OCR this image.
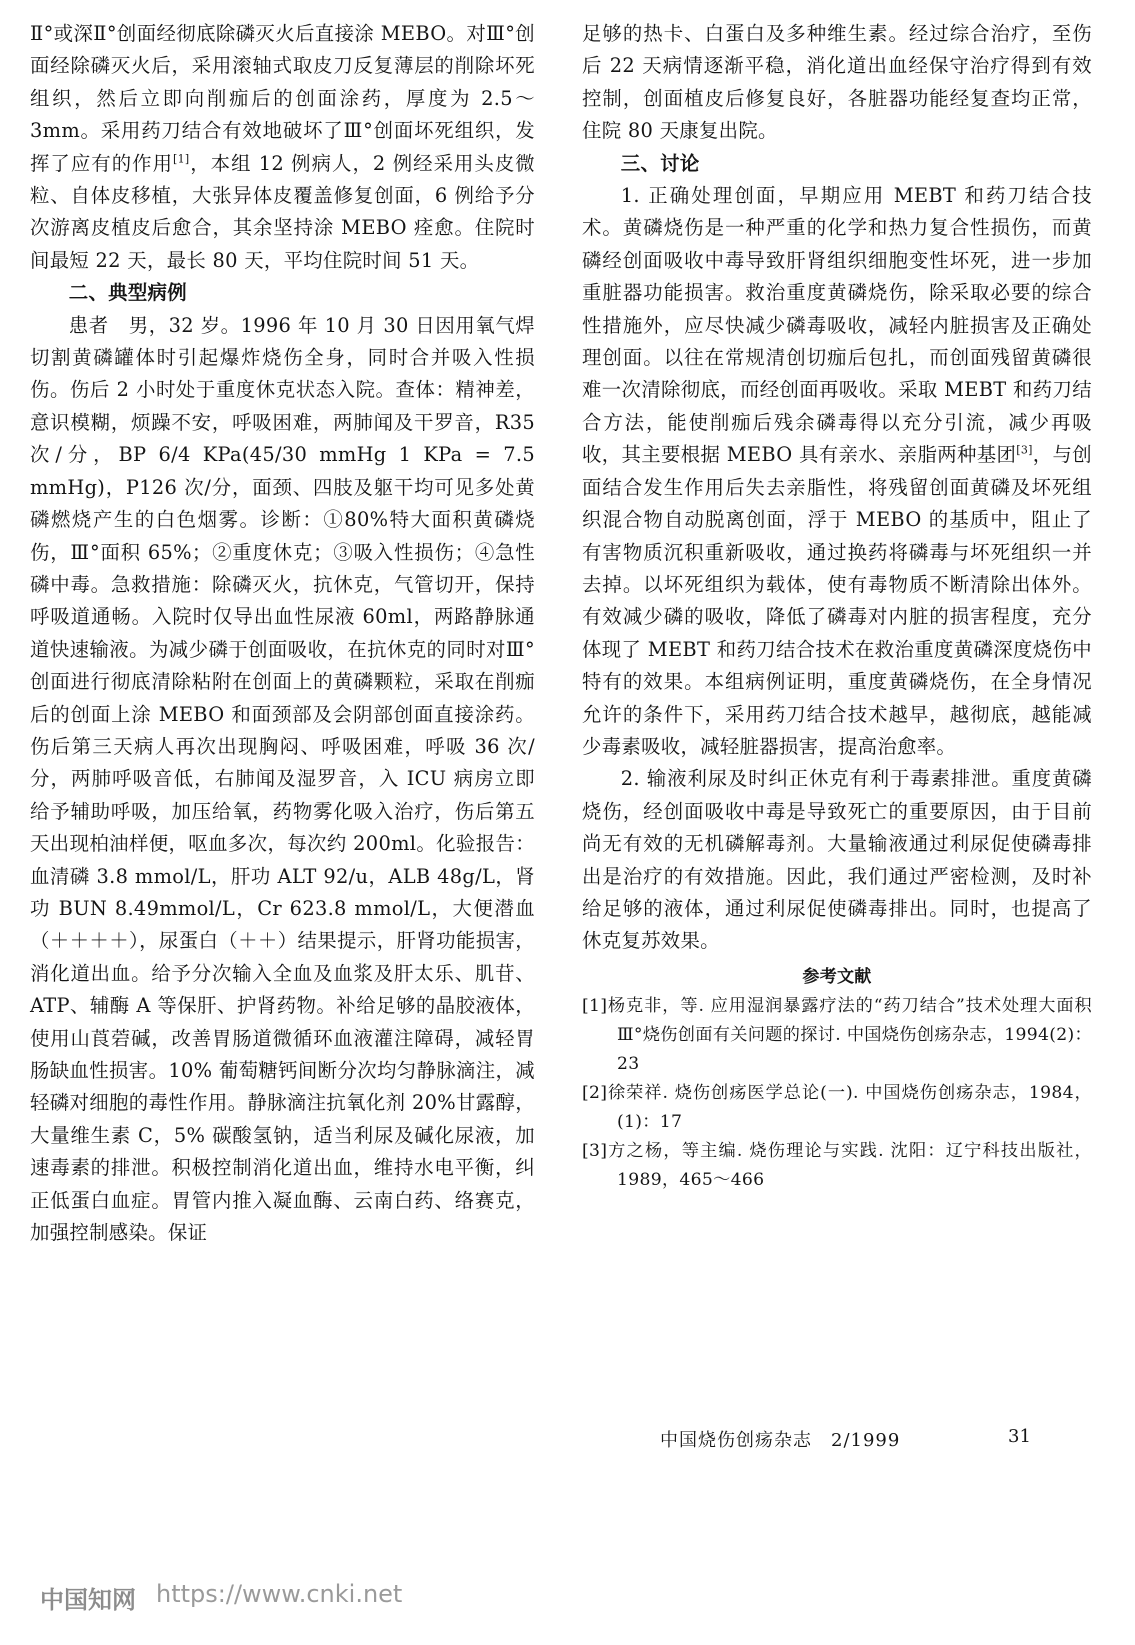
Ⅱ°或深Ⅱ°创面经彻底除磷灭火后直接涂 MEBO。对Ⅲ°创面经除磷灭火后，采用滚轴式取皮刀反复薄层的削除坏死组织，然后立即向削痂后的创面涂药，厚度为 2.5～3mm。采用药刀结合有效地破坏了Ⅲ°创面坏死组织，发挥了应有的作用[1]，本组 12 例病人，2 例经采用头皮微粒、自体皮移植，大张异体皮覆盖修复创面，6 例给予分次游离皮植皮后愈合，其余坚持涂 MEBO 痊愈。住院时间最短 22 天，最长 80 天，平均住院时间 51 天。

二、典型病例

患者　男，32 岁。1996 年 10 月 30 日因用氧气焊切割黄磷罐体时引起爆炸烧伤全身，同时合并吸入性损伤。伤后 2 小时处于重度休克状态入院。查体：精神差，意识模糊，烦躁不安，呼吸困难，两肺闻及干罗音，R35 次/分，BP 6/4 KPa(45/30 mmHg 1 KPa = 7.5 mmHg)，P126 次/分，面颈、四肢及躯干均可见多处黄磷燃烧产生的白色烟雾。诊断：①80%特大面积黄磷烧伤，Ⅲ°面积 65%；②重度休克；③吸入性损伤；④急性磷中毒。急救措施：除磷灭火，抗休克，气管切开，保持呼吸道通畅。入院时仅导出血性尿液 60ml，两路静脉通道快速输液。为减少磷于创面吸收，在抗休克的同时对Ⅲ°创面进行彻底清除粘附在创面上的黄磷颗粒，采取在削痂后的创面上涂 MEBO 和面颈部及会阴部创面直接涂药。伤后第三天病人再次出现胸闷、呼吸困难，呼吸 36 次/分，两肺呼吸音低，右肺闻及湿罗音，入 ICU 病房立即给予辅助呼吸，加压给氧，药物雾化吸入治疗，伤后第五天出现柏油样便，呕血多次，每次约 200ml。化验报告：血清磷 3.8 mmol/L，肝功 ALT 92/u，ALB 48g/L，肾功 BUN 8.49mmol/L，Cr 623.8 mmol/L，大便潜血（＋＋＋＋），尿蛋白（＋＋）结果提示，肝肾功能损害，消化道出血。给予分次输入全血及血浆及肝太乐、肌苷、ATP、辅酶 A 等保肝、护肾药物。补给足够的晶胶液体，使用山莨菪碱，改善胃肠道微循环血液灌注障碍，减轻胃肠缺血性损害。10% 葡萄糖钙间断分次均匀静脉滴注，减轻磷对细胞的毒性作用。静脉滴注抗氧化剂 20%甘露醇，大量维生素 C，5% 碳酸氢钠，适当利尿及碱化尿液，加速毒素的排泄。积极控制消化道出血，维持水电平衡，纠正低蛋白血症。胃管内推入凝血酶、云南白药、络赛克，加强控制感染。保证

足够的热卡、白蛋白及多种维生素。经过综合治疗，至伤后 22 天病情逐渐平稳，消化道出血经保守治疗得到有效控制，创面植皮后修复良好，各脏器功能经复查均正常，住院 80 天康复出院。

三、讨论

1. 正确处理创面，早期应用 MEBT 和药刀结合技术。黄磷烧伤是一种严重的化学和热力复合性损伤，而黄磷经创面吸收中毒导致肝肾组织细胞变性坏死，进一步加重脏器功能损害。救治重度黄磷烧伤，除采取必要的综合性措施外，应尽快减少磷毒吸收，减轻内脏损害及正确处理创面。以往在常规清创切痂后包扎，而创面残留黄磷很难一次清除彻底，而经创面再吸收。采取 MEBT 和药刀结合方法，能使削痂后残余磷毒得以充分引流，减少再吸收，其主要根据 MEBO 具有亲水、亲脂两种基团[3]，与创面结合发生作用后失去亲脂性，将残留创面黄磷及坏死组织混合物自动脱离创面，浮于 MEBO 的基质中，阻止了有害物质沉积重新吸收，通过换药将磷毒与坏死组织一并去掉。以坏死组织为载体，使有毒物质不断清除出体外。有效减少磷的吸收，降低了磷毒对内脏的损害程度，充分体现了 MEBT 和药刀结合技术在救治重度黄磷深度烧伤中特有的效果。本组病例证明，重度黄磷烧伤，在全身情况允许的条件下，采用药刀结合技术越早，越彻底，越能减少毒素吸收，减轻脏器损害，提高治愈率。

2. 输液利尿及时纠正休克有利于毒素排泄。重度黄磷烧伤，经创面吸收中毒是导致死亡的重要原因，由于目前尚无有效的无机磷解毒剂。大量输液通过利尿促使磷毒排出是治疗的有效措施。因此，我们通过严密检测，及时补给足够的液体，通过利尿促使磷毒排出。同时，也提高了休克复苏效果。

参考文献
[1]杨克非，等. 应用湿润暴露疗法的“药刀结合”技术处理大面积Ⅲ°烧伤创面有关问题的探讨. 中国烧伤创疡杂志，1994(2)：23
[2]徐荣祥. 烧伤创疡医学总论(一). 中国烧伤创疡杂志，1984，(1)：17
[3]方之杨，等主编. 烧伤理论与实践. 沈阳：辽宁科技出版社，1989，465～466
中国烧伤创疡杂志　2/1999	31
中国知网 https://www.cnki.net
